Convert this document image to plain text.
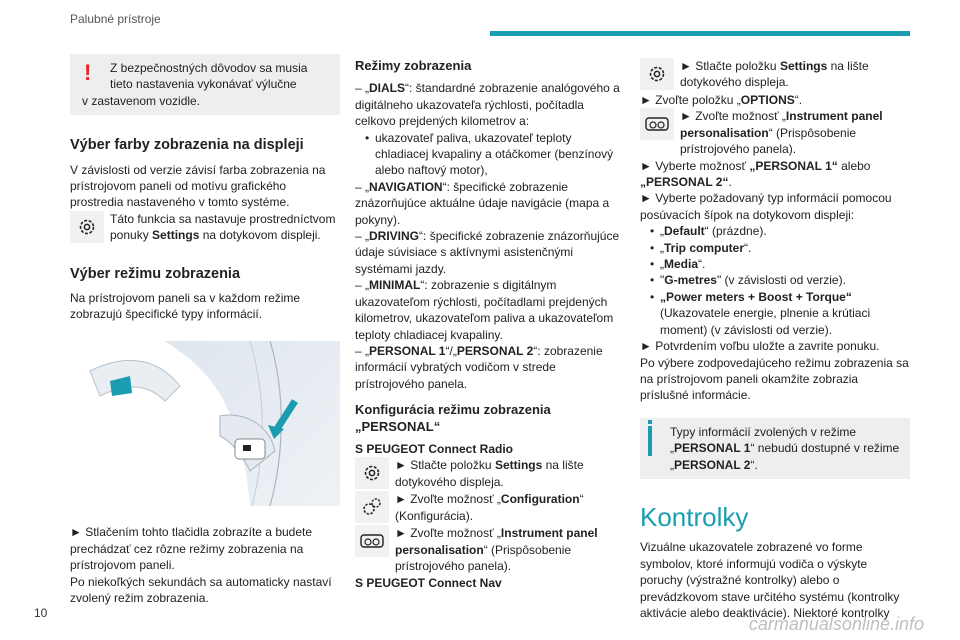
Palubné prístroje
!	Z bezpečnostných dôvodov sa musia

tieto nastavenia vykonávať výlučne

v zastavenom vozidle.

Výber farby zobrazenia na displeji

V závislosti od verzie závisí farba zobrazenia na prístrojovom paneli od motívu grafického prostredia nastaveného v tomto systéme.

Táto funkcia sa nastavuje prostredníctvom ponuky Settings na dotykovom displeji.

Výber režimu zobrazenia

Na prístrojovom paneli sa v každom režime zobrazujú špecifické typy informácií.

► Stlačením tohto tlačidla zobrazíte a budete prechádzať cez rôzne režimy zobrazenia na prístrojovom paneli.

Po niekoľkých sekundách sa automaticky nastaví zvolený režim zobrazenia.

Režimy zobrazenia

– „DIALS“: štandardné zobrazenie analógového a digitálneho ukazovateľa rýchlosti, počítadla celkovo prejdených kilometrov a:

• ukazovateľ paliva, ukazovateľ teploty chladiacej kvapaliny a otáčkomer (benzínový alebo naftový motor),

– „NAVIGATION“: špecifické zobrazenie znázorňujúce aktuálne údaje navigácie (mapa a pokyny).

– „DRIVING“: špecifické zobrazenie znázorňujúce údaje súvisiace s aktívnymi asistenčnými systémami jazdy.

– „MINIMAL“: zobrazenie s digitálnym ukazovateľom rýchlosti, počítadlami prejdených kilometrov, ukazovateľom paliva a ukazovateľom teploty chladiacej kvapaliny.

– „PERSONAL 1“/„PERSONAL 2“: zobrazenie informácií vybratých vodičom v strede prístrojového panela.

Konfigurácia režimu zobrazenia „PERSONAL“

S PEUGEOT Connect Radio

► Stlačte položku Settings na lište dotykového displeja.

► Zvoľte možnosť „Configuration“ (Konfigurácia).

► Zvoľte možnosť „Instrument panel personalisation“ (Prispôsobenie prístrojového panela).

S PEUGEOT Connect Nav

► Stlačte položku Settings na lište dotykového displeja.

► Zvoľte položku „OPTIONS“.

► Zvoľte možnosť „Instrument panel personalisation“ (Prispôsobenie prístrojového panela).

► Vyberte možnosť „PERSONAL 1“ alebo „PERSONAL 2“.

► Vyberte požadovaný typ informácií pomocou posúvacích šípok na dotykovom displeji:

• „Default“ (prázdne).

• „Trip computer“.

• „Media“.

• "G-metres" (v závislosti od verzie).

• „Power meters + Boost + Torque“
(Ukazovatele energie, plnenie a krútiaci moment) (v závislosti od verzie).

► Potvrdením voľbu uložte a zavrite ponuku.

Po výbere zodpovedajúceho režimu zobrazenia sa na prístrojovom paneli okamžite zobrazia príslušné informácie.

Typy informácií zvolených v režime „PERSONAL 1“ nebudú dostupné v režime „PERSONAL 2“.

Kontrolky

Vizuálne ukazovatele zobrazené vo forme symbolov, ktoré informujú vodiča o výskyte poruchy (výstražné kontrolky) alebo o prevádzkovom stave určitého systému (kontrolky aktivácie alebo deaktivácie). Niektoré kontrolky

10
carmanualsonline.info
